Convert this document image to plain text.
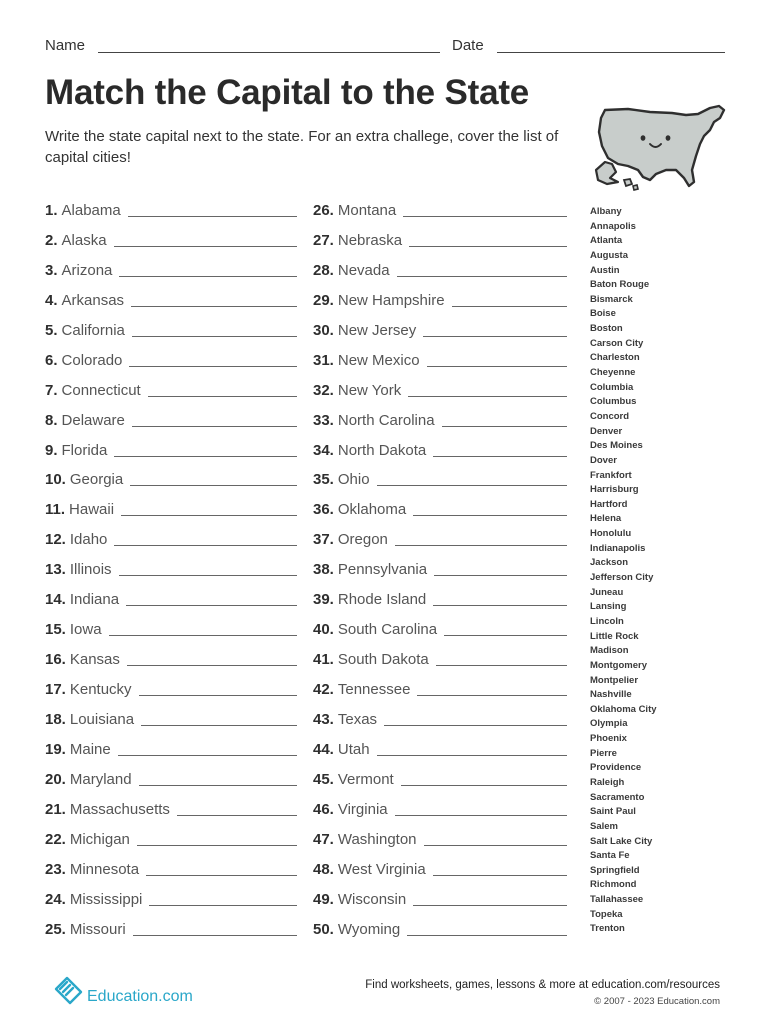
Name	Date
Match the Capital to the State

Write the state capital next to the state. For an extra challege, cover the list of capital cities!

1. Alabama
2. Alaska
3. Arizona
4. Arkansas
5. California
6. Colorado
7. Connecticut
8. Delaware
9. Florida
10. Georgia
11. Hawaii
12. Idaho
13. Illinois
14. Indiana
15. Iowa
16. Kansas
17. Kentucky
18. Louisiana
19. Maine
20. Maryland
21. Massachusetts
22. Michigan
23. Minnesota
24. Mississippi
25. Missouri
26. Montana
27. Nebraska
28. Nevada
29. New Hampshire
30. New Jersey
31. New Mexico
32. New York
33. North Carolina
34. North Dakota
35. Ohio
36. Oklahoma
37. Oregon
38. Pennsylvania
39. Rhode Island
40. South Carolina
41. South Dakota
42. Tennessee
43. Texas
44. Utah
45. Vermont
46. Virginia
47. Washington
48. West Virginia
49. Wisconsin
50. Wyoming
Albany
Annapolis
Atlanta
Augusta
Austin
Baton Rouge
Bismarck
Boise
Boston
Carson City
Charleston
Cheyenne
Columbia
Columbus
Concord
Denver
Des Moines
Dover
Frankfort
Harrisburg
Hartford
Helena
Honolulu
Indianapolis
Jackson
Jefferson City
Juneau
Lansing
Lincoln
Little Rock
Madison
Montgomery
Montpelier
Nashville
Oklahoma City
Olympia
Phoenix
Pierre
Providence
Raleigh
Sacramento
Saint Paul
Salem
Salt Lake City
Santa Fe
Springfield
Richmond
Tallahassee
Topeka
Trenton
Education.com
Find worksheets, games, lessons & more at education.com/resources
© 2007 - 2023 Education.com
